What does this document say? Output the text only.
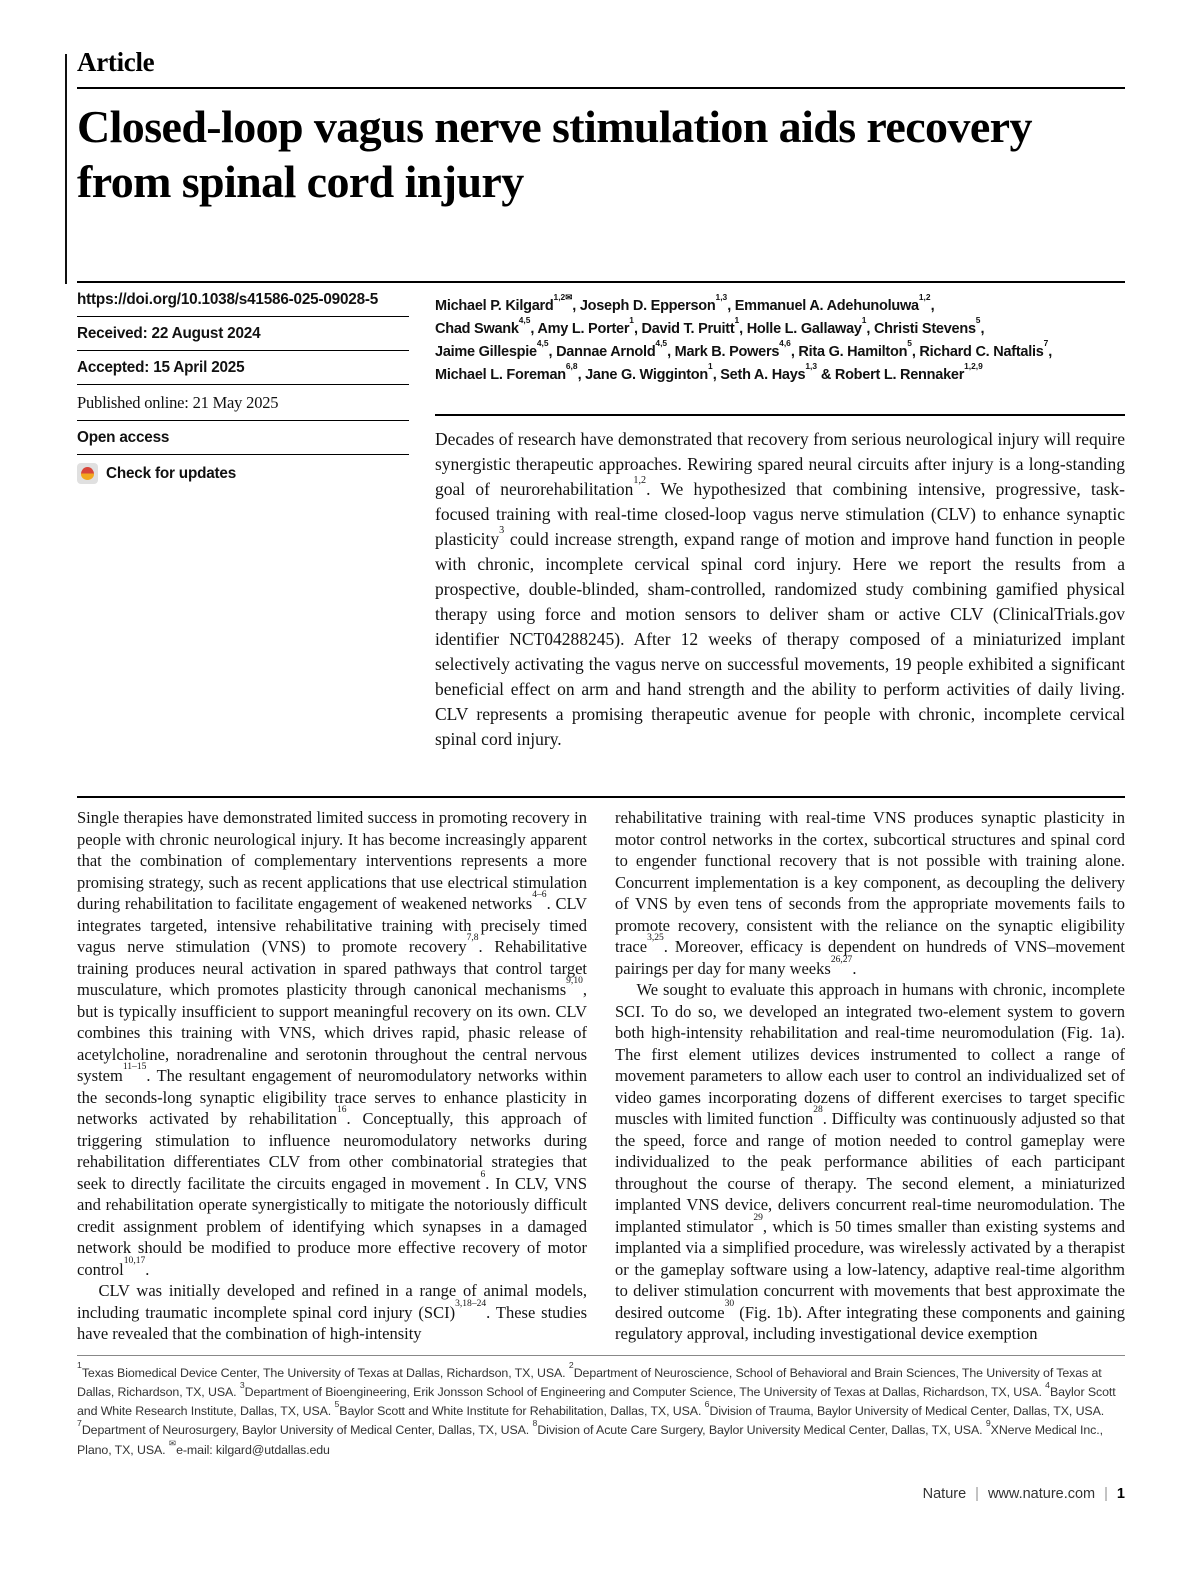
Article
Closed-loop vagus nerve stimulation aids recovery from spinal cord injury
https://doi.org/10.1038/s41586-025-09028-5
Received: 22 August 2024
Accepted: 15 April 2025
Published online: 21 May 2025
Open access
Check for updates
Michael P. Kilgard$^{1,2✉}$, Joseph D. Epperson$^{1,3}$, Emmanuel A. Adehunoluwa$^{1,2}$,
Chad Swank$^{4,5}$, Amy L. Porter$^1$, David T. Pruitt$^1$, Holle L. Gallaway$^1$, Christi Stevens$^5$,
Jaime Gillespie$^{4,5}$, Dannae Arnold$^{4,5}$, Mark B. Powers$^{4,6}$, Rita G. Hamilton$^5$, Richard C. Naftalis$^7$,
Michael L. Foreman$^{6,8}$, Jane G. Wigginton$^1$, Seth A. Hays$^{1,3}$ & Robert L. Rennaker$^{1,2,9}$
Decades of research have demonstrated that recovery from serious neurological injury will require synergistic therapeutic approaches. Rewiring spared neural circuits after injury is a long-standing goal of neurorehabilitation$^{1,2}$. We hypothesized that combining intensive, progressive, task-focused training with real-time closed-loop vagus nerve stimulation (CLV) to enhance synaptic plasticity$^3$ could increase strength, expand range of motion and improve hand function in people with chronic, incomplete cervical spinal cord injury. Here we report the results from a prospective, double-blinded, sham-controlled, randomized study combining gamified physical therapy using force and motion sensors to deliver sham or active CLV (ClinicalTrials.gov identifier NCT04288245). After 12 weeks of therapy composed of a miniaturized implant selectively activating the vagus nerve on successful movements, 19 people exhibited a significant beneficial effect on arm and hand strength and the ability to perform activities of daily living. CLV represents a promising therapeutic avenue for people with chronic, incomplete cervical spinal cord injury.

Single therapies have demonstrated limited success in promoting recovery in people with chronic neurological injury. It has become increasingly apparent that the combination of complementary interventions represents a more promising strategy, such as recent applications that use electrical stimulation during rehabilitation to facilitate engagement of weakened networks$^{4-6}$. CLV integrates targeted, intensive rehabilitative training with precisely timed vagus nerve stimulation (VNS) to promote recovery$^{7,8}$. Rehabilitative training produces neural activation in spared pathways that control target musculature, which promotes plasticity through canonical mechanisms$^{9,10}$, but is typically insufficient to support meaningful recovery on its own. CLV combines this training with VNS, which drives rapid, phasic release of acetylcholine, noradrenaline and serotonin throughout the central nervous system$^{11-15}$. The resultant engagement of neuromodulatory networks within the seconds-long synaptic eligibility trace serves to enhance plasticity in networks activated by rehabilitation$^{16}$. Conceptually, this approach of triggering stimulation to influence neuromodulatory networks during rehabilitation differentiates CLV from other combinatorial strategies that seek to directly facilitate the circuits engaged in movement$^6$. In CLV, VNS and rehabilitation operate synergistically to mitigate the notoriously difficult credit assignment problem of identifying which synapses in a damaged network should be modified to produce more effective recovery of motor control$^{10,17}$.

CLV was initially developed and refined in a range of animal models, including traumatic incomplete spinal cord injury (SCI)$^{3,18-24}$. These studies have revealed that the combination of high-intensity

rehabilitative training with real-time VNS produces synaptic plasticity in motor control networks in the cortex, subcortical structures and spinal cord to engender functional recovery that is not possible with training alone. Concurrent implementation is a key component, as decoupling the delivery of VNS by even tens of seconds from the appropriate movements fails to promote recovery, consistent with the reliance on the synaptic eligibility trace$^{3,25}$. Moreover, efficacy is dependent on hundreds of VNS–movement pairings per day for many weeks$^{26,27}$.

We sought to evaluate this approach in humans with chronic, incomplete SCI. To do so, we developed an integrated two-element system to govern both high-intensity rehabilitation and real-time neuromodulation (Fig. 1a). The first element utilizes devices instrumented to collect a range of movement parameters to allow each user to control an individualized set of video games incorporating dozens of different exercises to target specific muscles with limited function$^{28}$. Difficulty was continuously adjusted so that the speed, force and range of motion needed to control gameplay were individualized to the peak performance abilities of each participant throughout the course of therapy. The second element, a miniaturized implanted VNS device, delivers concurrent real-time neuromodulation. The implanted stimulator$^{29}$, which is 50 times smaller than existing systems and implanted via a simplified procedure, was wirelessly activated by a therapist or the gameplay software using a low-latency, adaptive real-time algorithm to deliver stimulation concurrent with movements that best approximate the desired outcome$^{30}$ (Fig. 1b). After integrating these components and gaining regulatory approval, including investigational device exemption

$^1$Texas Biomedical Device Center, The University of Texas at Dallas, Richardson, TX, USA. $^2$Department of Neuroscience, School of Behavioral and Brain Sciences, The University of Texas at Dallas, Richardson, TX, USA. $^3$Department of Bioengineering, Erik Jonsson School of Engineering and Computer Science, The University of Texas at Dallas, Richardson, TX, USA. $^4$Baylor Scott and White Research Institute, Dallas, TX, USA. $^5$Baylor Scott and White Institute for Rehabilitation, Dallas, TX, USA. $^6$Division of Trauma, Baylor University of Medical Center, Dallas, TX, USA. $^7$Department of Neurosurgery, Baylor University of Medical Center, Dallas, TX, USA. $^8$Division of Acute Care Surgery, Baylor University Medical Center, Dallas, TX, USA. $^9$XNerve Medical Inc., Plano, TX, USA. ✉e-mail: kilgard@utdallas.edu
Nature | www.nature.com | 1
